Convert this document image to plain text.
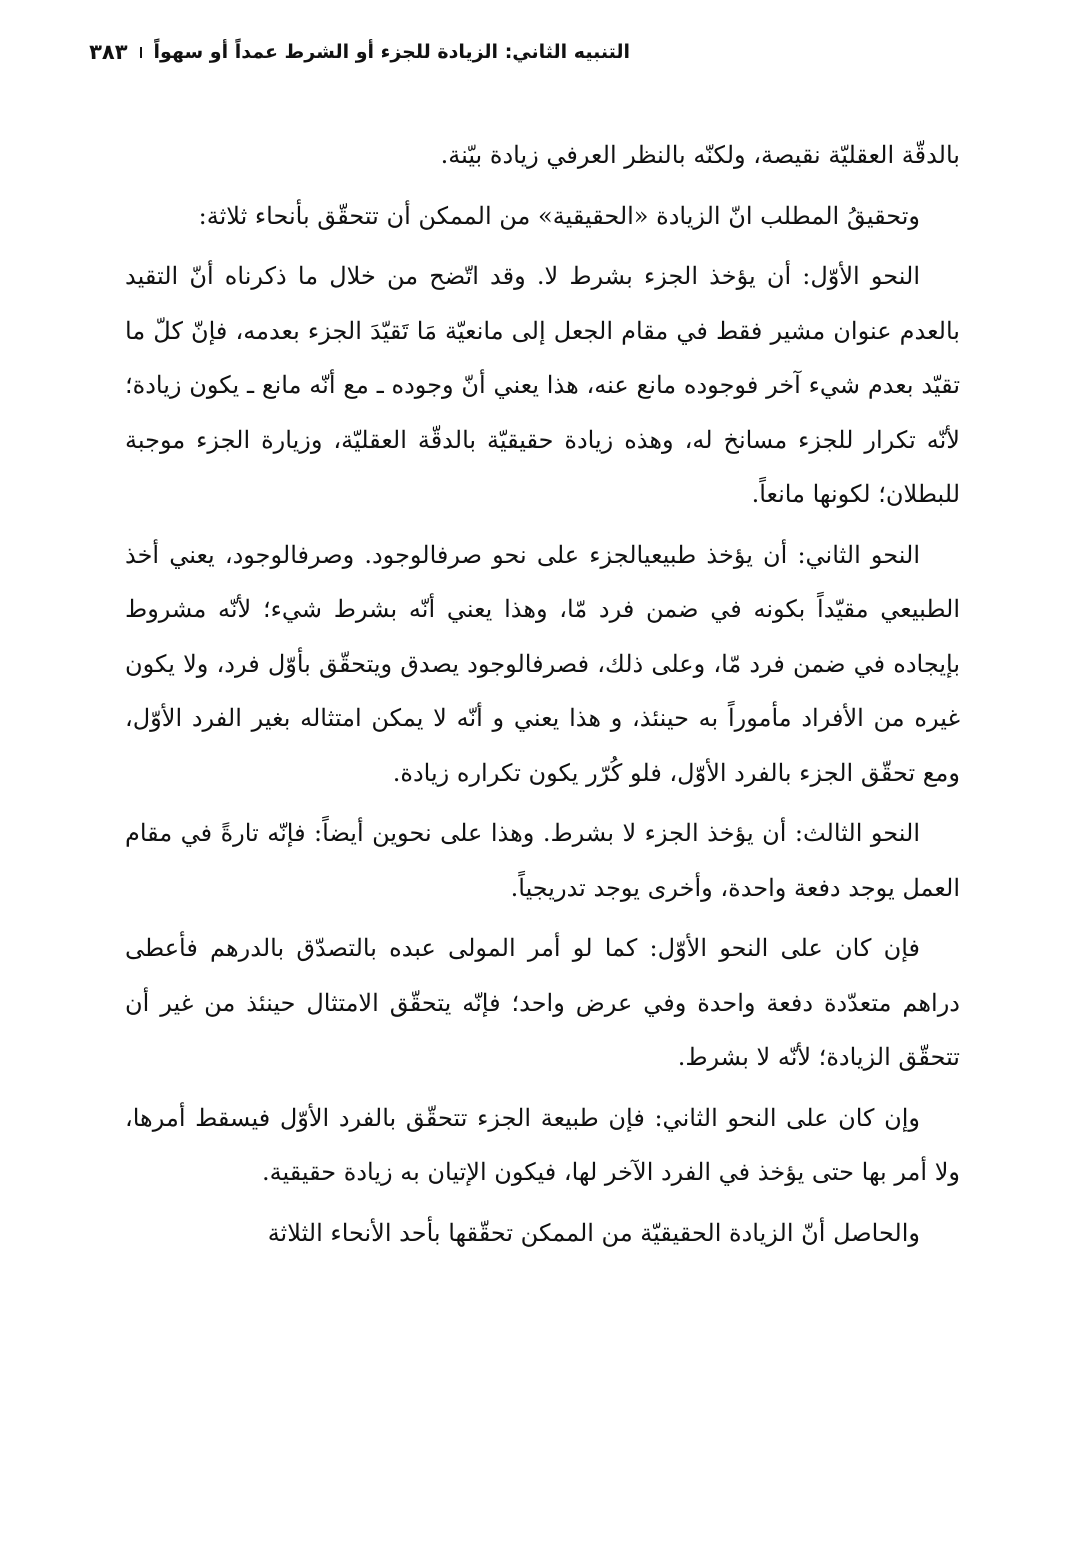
التنبيه الثاني: الزيادة للجزء أو الشرط عمداً أو سهواً
٣٨٣

بالدقّة العقليّة نقيصة، ولكنّه بالنظر العرفي زيادة بيّنة.

وتحقيقُ المطلب انّ الزيادة «الحقيقية» من الممكن أن تتحقّق بأنحاء ثلاثة:

النحو الأوّل: أن يؤخذ الجزء بشرط لا. وقد اتّضح من خلال ما ذكرناه أنّ التقيد بالعدم عنوان مشير فقط في مقام الجعل إلى مانعيّة مَا تَقيّدَ الجزء بعدمه، فإنّ كلّ ما تقيّد بعدم شيء آخر فوجوده مانع عنه، هذا يعني أنّ وجوده ـ مع أنّه مانع ـ يكون زيادة؛ لأنّه تكرار للجزء مسانخ له، وهذه زيادة حقيقيّة بالدقّة العقليّة، وزيارة الجزء موجبة للبطلان؛ لكونها مانعاً.

النحو الثاني: أن يؤخذ طبيعيالجزء على نحو صرفالوجود. وصرفالوجود، يعني أخذ الطبيعي مقيّداً بكونه في ضمن فرد مّا، وهذا يعني أنّه بشرط شيء؛ لأنّه مشروط بإيجاده في ضمن فرد مّا، وعلى ذلك، فصرفالوجود يصدق ويتحقّق بأوّل فرد، ولا يكون غيره من الأفراد مأموراً به حينئذ، و هذا يعني و أنّه لا يمكن امتثاله بغير الفرد الأوّل، ومع تحقّق الجزء بالفرد الأوّل، فلو كُرّر يكون تكراره زيادة.

النحو الثالث: أن يؤخذ الجزء لا بشرط. وهذا على نحوين أيضاً: فإنّه تارةً في مقام العمل يوجد دفعة واحدة، وأخرى يوجد تدريجياً.

فإن كان على النحو الأوّل: كما لو أمر المولى عبده بالتصدّق بالدرهم فأعطى دراهم متعدّدة دفعة واحدة وفي عرض واحد؛ فإنّه يتحقّق الامتثال حينئذ من غير أن تتحقّق الزيادة؛ لأنّه لا بشرط.

وإن كان على النحو الثاني: فإن طبيعة الجزء تتحقّق بالفرد الأوّل فيسقط أمرها، ولا أمر بها حتى يؤخذ في الفرد الآخر لها، فيكون الإتيان به زيادة حقيقية.

والحاصل أنّ الزيادة الحقيقيّة من الممكن تحقّقها بأحد الأنحاء الثلاثة
